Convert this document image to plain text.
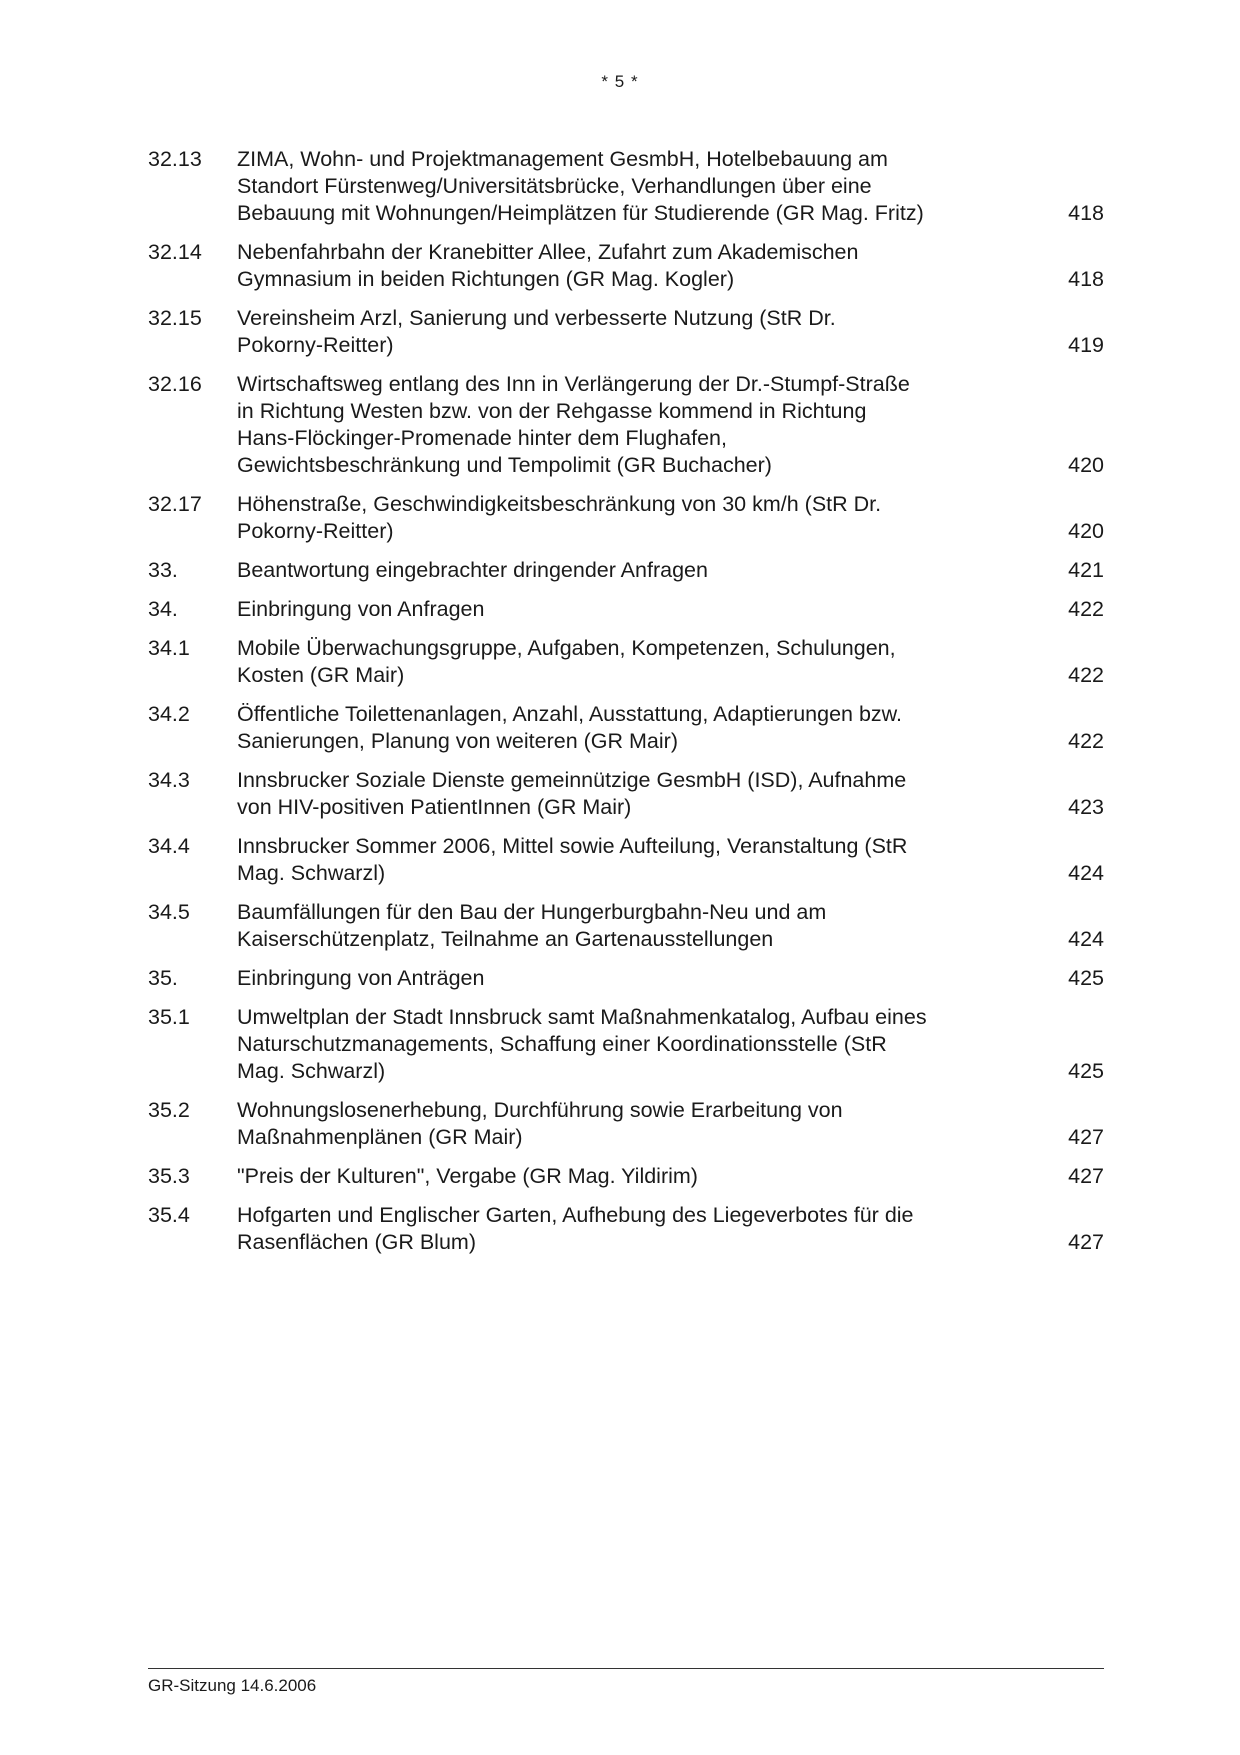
* 5 *
32.13	ZIMA, Wohn- und Projektmanagement GesmbH, Hotelbebauung am Standort Fürstenweg/Universitätsbrücke, Verhandlungen über eine Bebauung mit Wohnungen/Heimplätzen für Studierende (GR Mag. Fritz)	418
32.14	Nebenfahrbahn der Kranebitter Allee, Zufahrt zum Akademischen Gymnasium in beiden Richtungen (GR Mag. Kogler)	418
32.15	Vereinsheim Arzl, Sanierung und verbesserte Nutzung (StR Dr. Pokorny-Reitter)	419
32.16	Wirtschaftsweg entlang des Inn in Verlängerung der Dr.-Stumpf-Straße in Richtung Westen bzw. von der Rehgasse kommend in Richtung Hans-Flöckinger-Promenade hinter dem Flughafen, Gewichtsbeschränkung und Tempolimit (GR Buchacher)	420
32.17	Höhenstraße, Geschwindigkeitsbeschränkung von 30 km/h (StR Dr. Pokorny-Reitter)	420
33.	Beantwortung eingebrachter dringender Anfragen	421
34.	Einbringung von Anfragen	422
34.1	Mobile Überwachungsgruppe, Aufgaben, Kompetenzen, Schulungen, Kosten (GR Mair)	422
34.2	Öffentliche Toilettenanlagen, Anzahl, Ausstattung, Adaptierungen bzw. Sanierungen, Planung von weiteren (GR Mair)	422
34.3	Innsbrucker Soziale Dienste gemeinnützige GesmbH (ISD), Aufnahme von HIV-positiven PatientInnen (GR Mair)	423
34.4	Innsbrucker Sommer 2006, Mittel sowie Aufteilung, Veranstaltung (StR Mag. Schwarzl)	424
34.5	Baumfällungen für den Bau der Hungerburgbahn-Neu und am Kaiserschützenplatz, Teilnahme an Gartenausstellungen	424
35.	Einbringung von Anträgen	425
35.1	Umweltplan der Stadt Innsbruck samt Maßnahmenkatalog, Aufbau eines Naturschutzmanagements, Schaffung einer Koordinationsstelle (StR Mag. Schwarzl)	425
35.2	Wohnungslosenerhebung, Durchführung sowie Erarbeitung von Maßnahmenplänen (GR Mair)	427
35.3	"Preis der Kulturen", Vergabe (GR Mag. Yildirim)	427
35.4	Hofgarten und Englischer Garten, Aufhebung des Liegeverbotes für die Rasenflächen (GR Blum)	427
GR-Sitzung 14.6.2006
